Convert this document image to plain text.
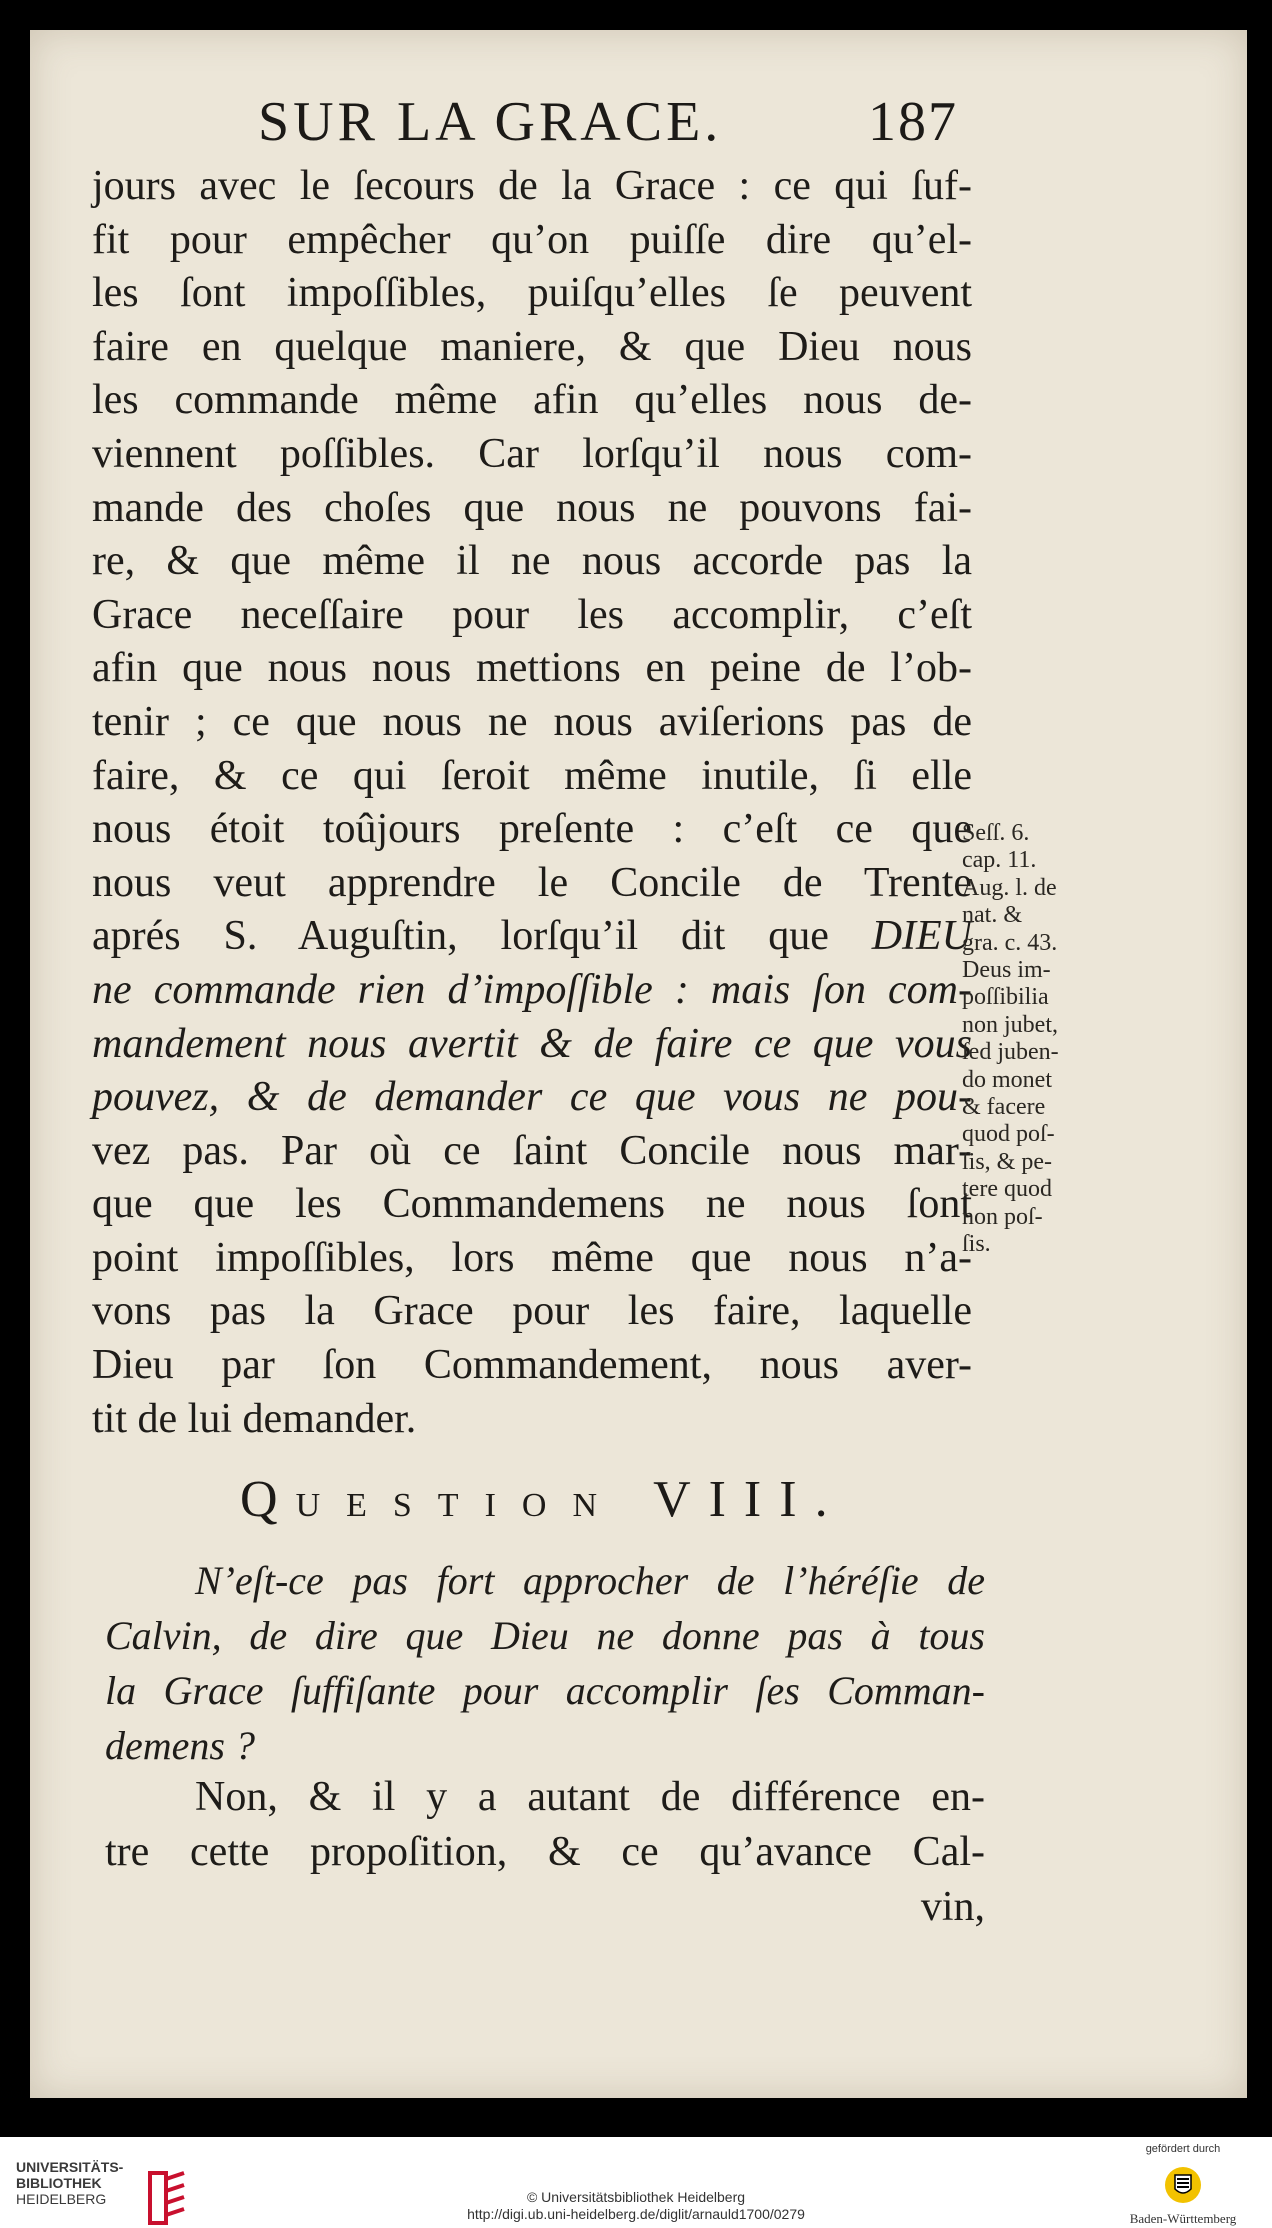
SUR LA GRACE.	187
jours avec le ſecours de la Grace : ce qui ſuf-
fit pour empêcher qu’on puiſſe dire qu’el-
les ſont impoſſibles, puiſqu’elles ſe peuvent
faire en quelque maniere, & que Dieu nous
les commande même afin qu’elles nous de-
viennent poſſibles. Car lorſqu’il nous com-
mande des choſes que nous ne pouvons fai-
re, & que même il ne nous accorde pas la
Grace neceſſaire pour les accomplir, c’eſt
afin que nous nous mettions en peine de l’ob-
tenir ; ce que nous ne nous aviſerions pas de
faire, & ce qui ſeroit même inutile, ſi elle
nous étoit toûjours preſente : c’eſt ce que
nous veut apprendre le Concile de Trente
aprés S. Auguſtin, lorſqu’il dit que DIEU
ne commande rien d’impoſſible : mais ſon com-
mandement nous avertit & de faire ce que vous
pouvez, & de demander ce que vous ne pou-
vez pas. Par où ce ſaint Concile nous mar-
que que les Commandemens ne nous ſont
point impoſſibles, lors même que nous n’a-
vons pas la Grace pour les faire, laquelle
Dieu par ſon Commandement, nous aver-
tit de lui demander.
Seſſ. 6.
cap. 11.
Aug. l. de
nat. &
gra. c. 43.
Deus im-
poſſibilia
non jubet,
ſed juben-
do monet
& facere
quod poſ-
ſis, & pe-
tere quod
non poſ-
ſis.
QUESTION VIII.
N’eſt-ce pas fort approcher de l’héréſie de
Calvin, de dire que Dieu ne donne pas à tous
la Grace ſuffiſante pour accomplir ſes Comman-
demens ?
Non, & il y a autant de différence en-
tre cette propoſition, & ce qu’avance Cal-
vin,
UNIVERSITÄTS-
BIBLIOTHEK
HEIDELBERG	© Universitätsbibliothek Heidelberg
http://digi.ub.uni-heidelberg.de/diglit/arnauld1700/0279
gefördert durch
Baden-Württemberg
